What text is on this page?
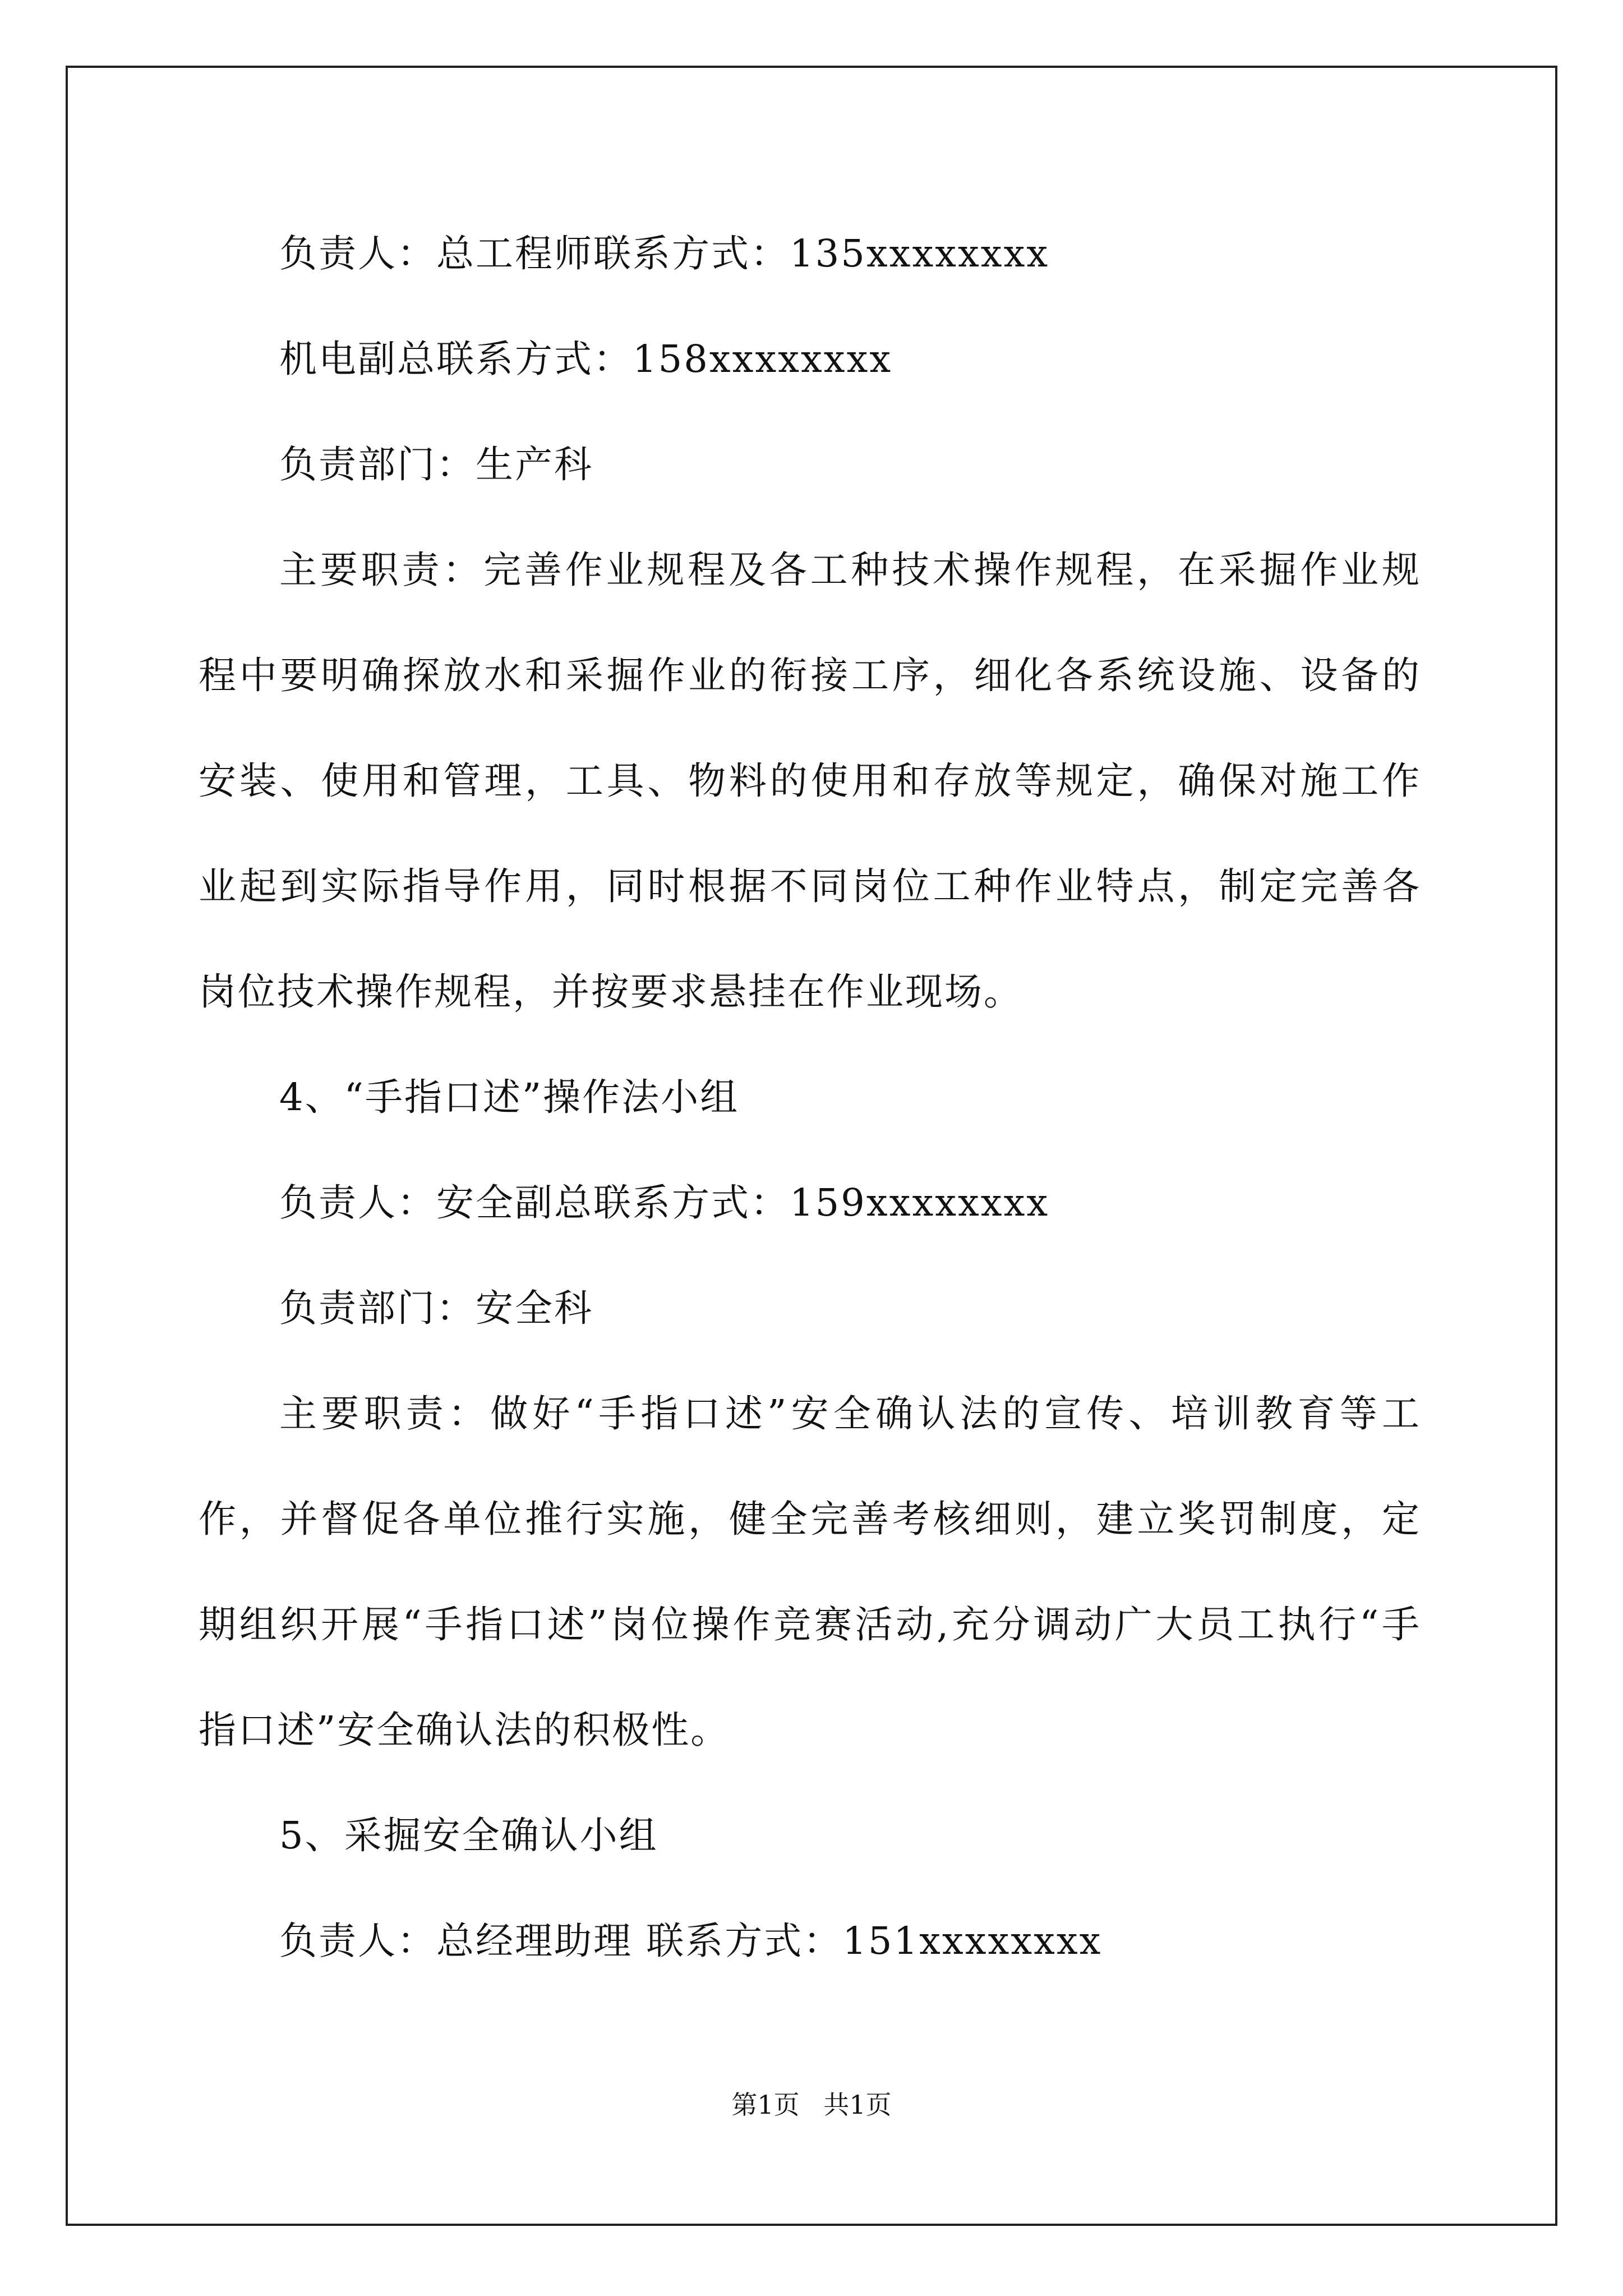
负责人：总工程师联系方式：135xxxxxxxx
机电副总联系方式：158xxxxxxxx
负责部门：生产科
主要职责：完善作业规程及各工种技术操作规程，在采掘作业规
程中要明确探放水和采掘作业的衔接工序，细化各系统设施、设备的
安装、使用和管理，工具、物料的使用和存放等规定，确保对施工作
业起到实际指导作用，同时根据不同岗位工种作业特点，制定完善各
岗位技术操作规程，并按要求悬挂在作业现场。
4、“手指口述”操作法小组
负责人：安全副总联系方式：159xxxxxxxx
负责部门：安全科
主要职责：做好“手指口述”安全确认法的宣传、培训教育等工
作，并督促各单位推行实施，健全完善考核细则，建立奖罚制度，定
期组织开展“手指口述”岗位操作竞赛活动,充分调动广大员工执行“手
指口述”安全确认法的积极性。
5、采掘安全确认小组
负责人：总经理助理 联系方式：151xxxxxxxx
第1页 共1页
